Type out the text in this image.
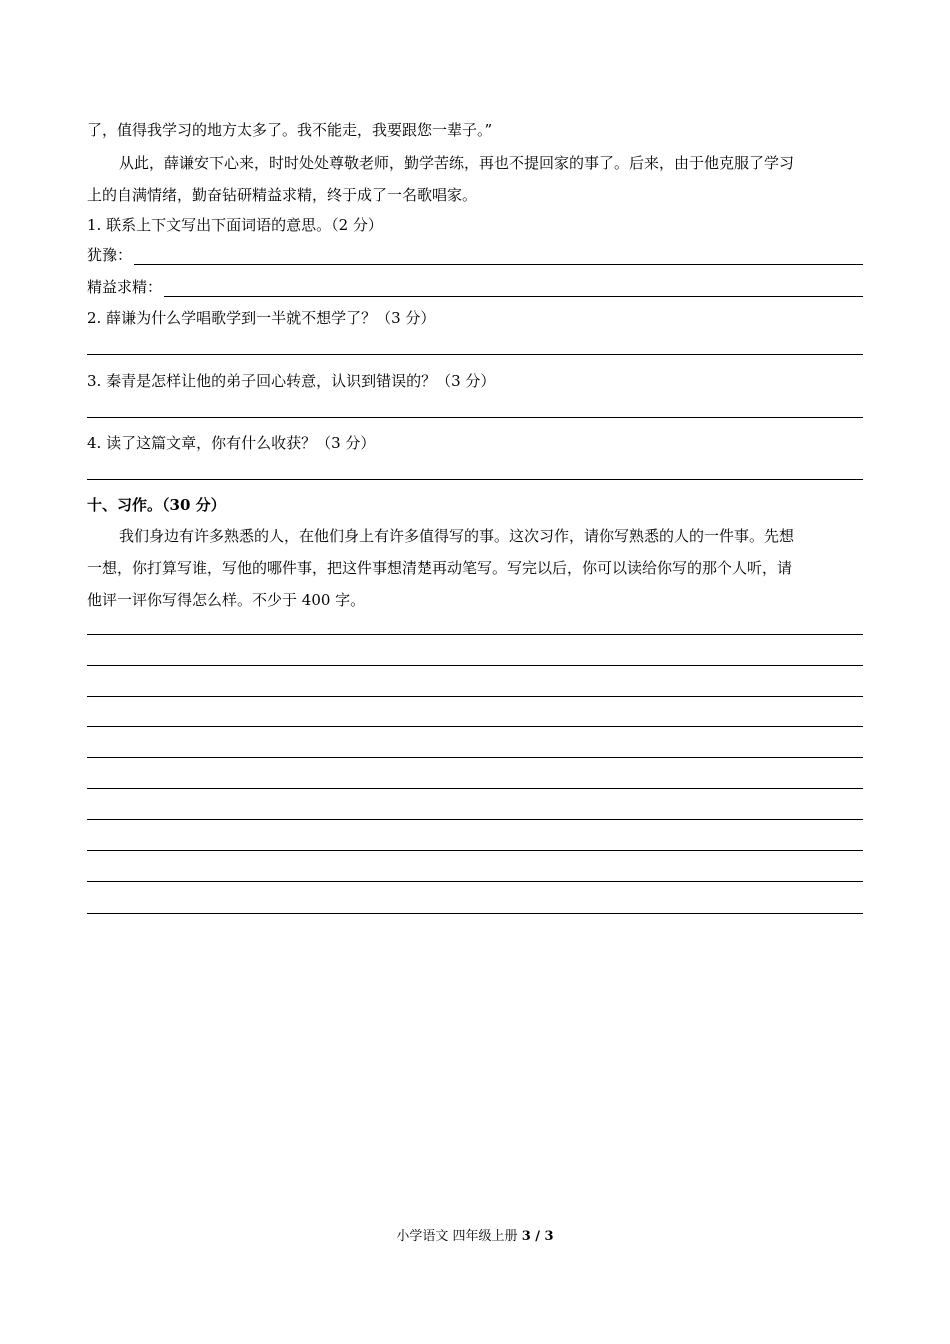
了，值得我学习的地方太多了。我不能走，我要跟您一辈子。”
从此，薛谦安下心来，时时处处尊敬老师，勤学苦练，再也不提回家的事了。后来，由于他克服了学习
上的自满情绪，勤奋钻研精益求精，终于成了一名歌唱家。
1. 联系上下文写出下面词语的意思。（2 分）
犹豫：
精益求精：
2. 薛谦为什么学唱歌学到一半就不想学了？（3 分）
3. 秦青是怎样让他的弟子回心转意，认识到错误的？（3 分）
4. 读了这篇文章，你有什么收获？（3 分）
十、习作。（30 分）
我们身边有许多熟悉的人，在他们身上有许多值得写的事。这次习作，请你写熟悉的人的一件事。先想
一想，你打算写谁，写他的哪件事，把这件事想清楚再动笔写。写完以后，你可以读给你写的那个人听，请
他评一评你写得怎么样。不少于 400 字。
小学语文 四年级上册 3 / 3
